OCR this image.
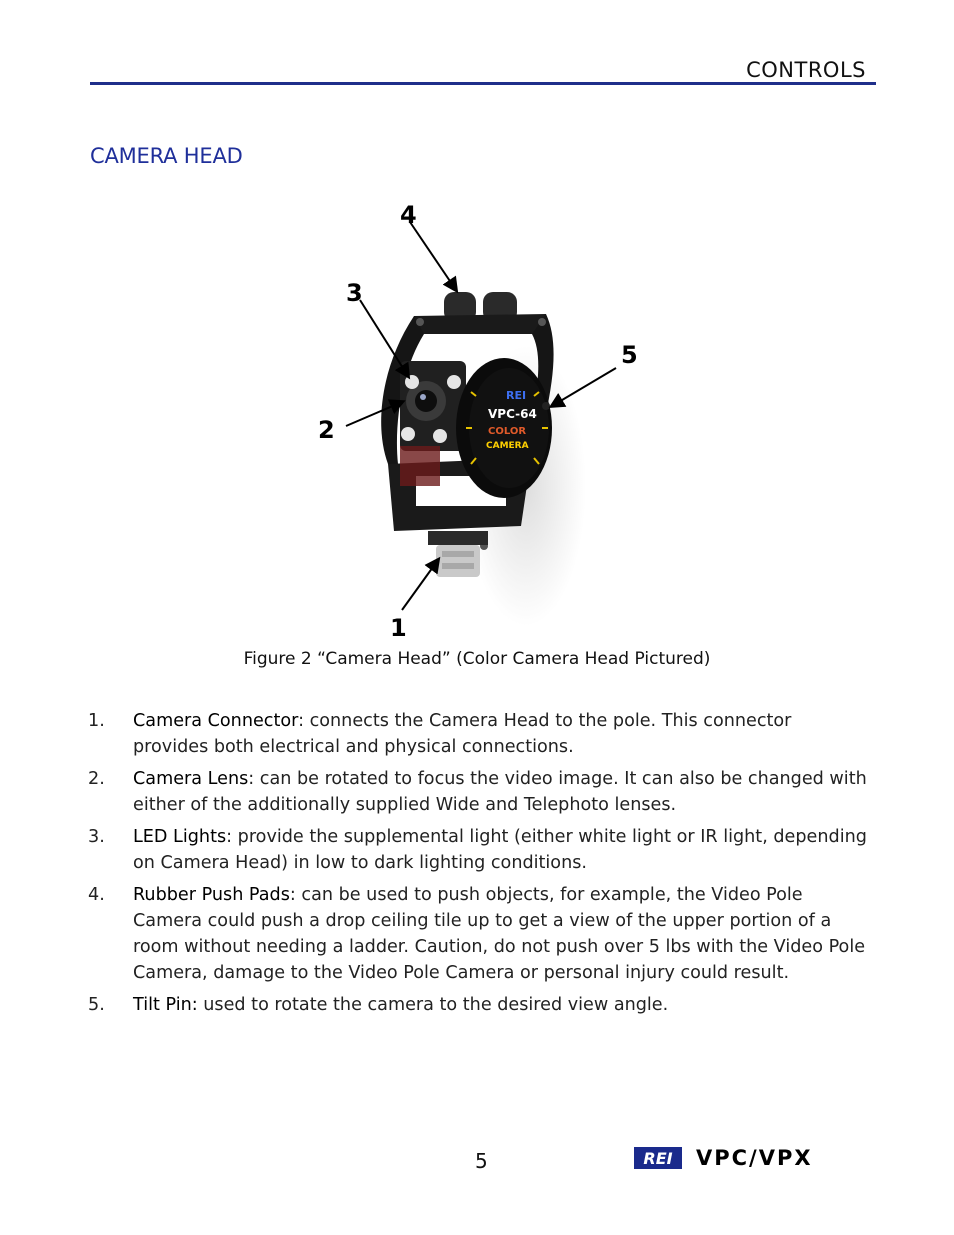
CONTROLS
CAMERA HEAD
REI
VPC-64
COLOR
CAMERA
4
3
2
5
1
Figure 2 “Camera Head” (Color Camera Head Pictured)
1. Camera Connector: connects the Camera Head to the pole. This connector provides both electrical and physical connections.
2. Camera Lens: can be rotated to focus the video image. It can also be changed with either of the additionally supplied Wide and Telephoto lenses.
3. LED Lights: provide the supplemental light (either white light or IR light, depending on Camera Head) in low to dark lighting conditions.
4. Rubber Push Pads: can be used to push objects, for example, the Video Pole Camera could push a drop ceiling tile up to get a view of the upper portion of a room without needing a ladder. Caution, do not push over 5 lbs with the Video Pole Camera, damage to the Video Pole Camera or personal injury could result.
5. Tilt Pin: used to rotate the camera to the desired view angle.
5	REI VPC/VPX
